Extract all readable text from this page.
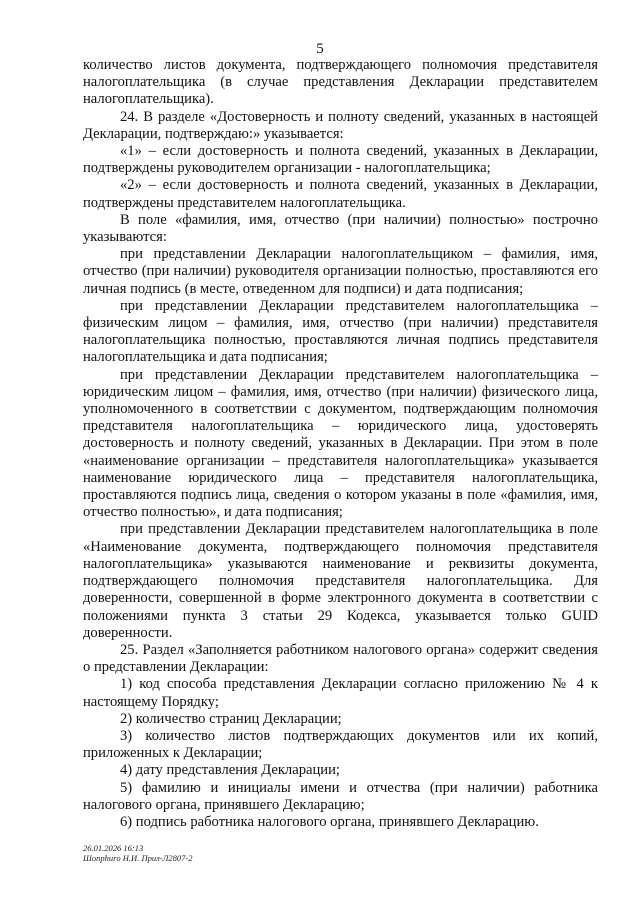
5

количество листов документа, подтверждающего полномочия представителя налогоплательщика (в случае представления Декларации представителем налогоплательщика).

24. В разделе «Достоверность и полноту сведений, указанных в настоящей Декларации, подтверждаю:» указывается:

«1» – если достоверность и полнота сведений, указанных в Декларации, подтверждены руководителем организации - налогоплательщика;

«2» – если достоверность и полнота сведений, указанных в Декларации, подтверждены представителем налогоплательщика.

В поле «фамилия, имя, отчество (при наличии) полностью» построчно указываются:

при представлении Декларации налогоплательщиком – фамилия, имя, отчество (при наличии) руководителя организации полностью, проставляются его личная подпись (в месте, отведенном для подписи) и дата подписания;

при представлении Декларации представителем налогоплательщика – физическим лицом – фамилия, имя, отчество (при наличии) представителя налогоплательщика полностью, проставляются личная подпись представителя налогоплательщика и дата подписания;

при представлении Декларации представителем налогоплательщика – юридическим лицом – фамилия, имя, отчество (при наличии) физического лица, уполномоченного в соответствии с документом, подтверждающим полномочия представителя налогоплательщика – юридического лица, удостоверять достоверность и полноту сведений, указанных в Декларации. При этом в поле «наименование организации – представителя налогоплательщика» указывается наименование юридического лица – представителя налогоплательщика, проставляются подпись лица, сведения о котором указаны в поле «фамилия, имя, отчество полностью», и дата подписания;

при представлении Декларации представителем налогоплательщика в поле «Наименование документа, подтверждающего полномочия представителя налогоплательщика» указываются наименование и реквизиты документа, подтверждающего полномочия представителя налогоплательщика. Для доверенности, совершенной в форме электронного документа в соответствии с положениями пункта 3 статьи 29 Кодекса, указывается только GUID доверенности.

25. Раздел «Заполняется работником налогового органа» содержит сведения о представлении Декларации:

1) код способа представления Декларации согласно приложению № 4 к настоящему Порядку;

2) количество страниц Декларации;

3) количество листов подтверждающих документов или их копий, приложенных к Декларации;

4) дату представления Декларации;

5) фамилию и инициалы имени и отчества (при наличии) работника налогового органа, принявшего Декларацию;

6) подпись работника налогового органа, принявшего Декларацию.

26.01.2026 16:13
Шопрhиrо Н.И. Прил-Л2807-2
